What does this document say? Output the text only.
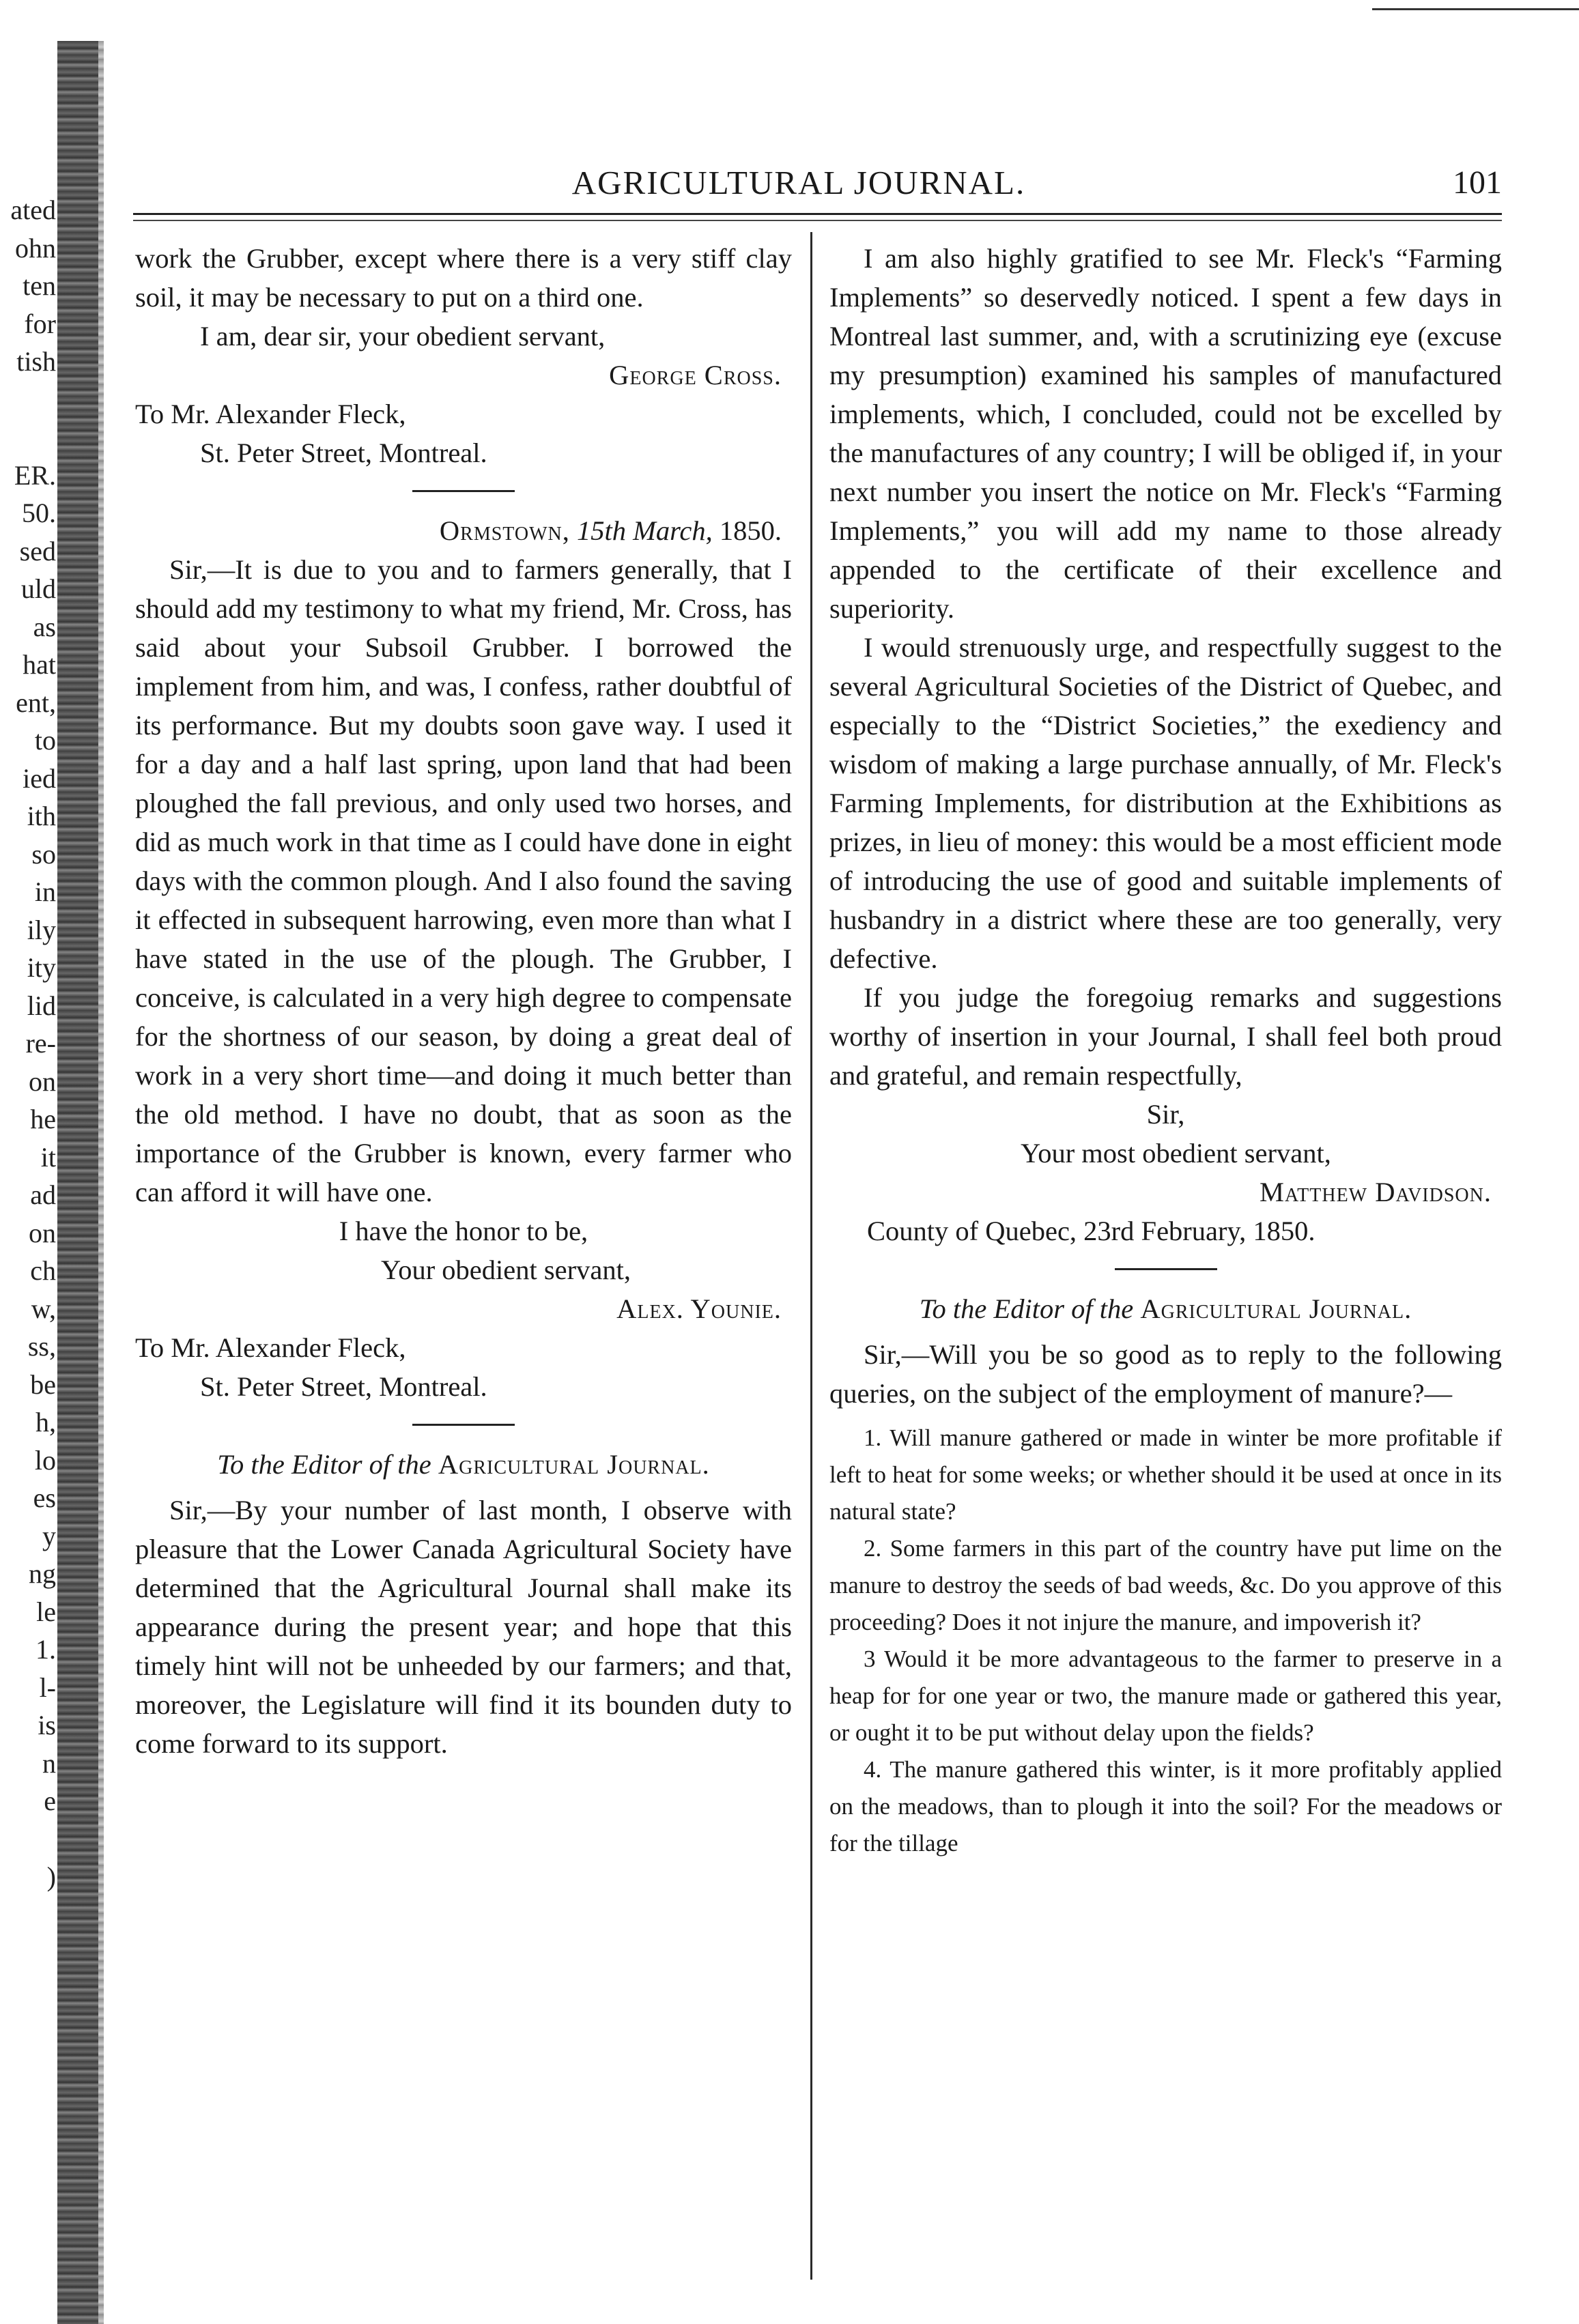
ated
ohn
ten
for
tish
ER.
50.
sed
uld
as
hat
ent,
to
ied
ith
so
in
ily
ity
lid
re-
on
he
it
ad
on
ch
w,
ss,
be
h,
lo
es
y
ng
le
1.
l-
is
n
e
)
AGRICULTURAL JOURNAL.	101

work the Grubber, except where there is a very stiff clay soil, it may be necessary to put on a third one.

I am, dear sir, your obedient servant,

George Cross.

To Mr. Alexander Fleck,

St. Peter Street, Montreal.

Ormstown, 15th March, 1850.

Sir,—It is due to you and to farmers generally, that I should add my testimony to what my friend, Mr. Cross, has said about your Subsoil Grubber. I borrowed the implement from him, and was, I confess, rather doubtful of its performance. But my doubts soon gave way. I used it for a day and a half last spring, upon land that had been ploughed the fall previous, and only used two horses, and did as much work in that time as I could have done in eight days with the common plough. And I also found the saving it effected in subsequent harrowing, even more than what I have stated in the use of the plough. The Grubber, I conceive, is calculated in a very high degree to compensate for the shortness of our season, by doing a great deal of work in a very short time—and doing it much better than the old method. I have no doubt, that as soon as the importance of the Grubber is known, every farmer who can afford it will have one.

I have the honor to be,

Your obedient servant,

Alex. Younie.

To Mr. Alexander Fleck,

St. Peter Street, Montreal.

To the Editor of the Agricultural Journal.

Sir,—By your number of last month, I observe with pleasure that the Lower Canada Agricultural Society have determined that the Agricultural Journal shall make its appearance during the present year; and hope that this timely hint will not be unheeded by our farmers; and that, moreover, the Legislature will find it its bounden duty to come forward to its support.

I am also highly gratified to see Mr. Fleck's “Farming Implements” so deservedly noticed. I spent a few days in Montreal last summer, and, with a scrutinizing eye (excuse my presumption) examined his samples of manufactured implements, which, I concluded, could not be excelled by the manufactures of any country; I will be obliged if, in your next number you insert the notice on Mr. Fleck's “Farming Implements,” you will add my name to those already appended to the certificate of their excellence and superiority.

I would strenuously urge, and respectfully suggest to the several Agricultural Societies of the District of Quebec, and especially to the “District Societies,” the exediency and wisdom of making a large purchase annually, of Mr. Fleck's Farming Implements, for distribution at the Exhibitions as prizes, in lieu of money: this would be a most efficient mode of introducing the use of good and suitable implements of husbandry in a district where these are too generally, very defective.

If you judge the foregoiug remarks and suggestions worthy of insertion in your Journal, I shall feel both proud and grateful, and remain respectfully,

Sir,

Your most obedient servant,

Matthew Davidson.

County of Quebec, 23rd February, 1850.

To the Editor of the Agricultural Journal.

Sir,—Will you be so good as to reply to the following queries, on the subject of the employment of manure?—

1. Will manure gathered or made in winter be more profitable if left to heat for some weeks; or whether should it be used at once in its natural state?

2. Some farmers in this part of the country have put lime on the manure to destroy the seeds of bad weeds, &c. Do you approve of this proceeding? Does it not injure the manure, and impoverish it?

3 Would it be more advantageous to the farmer to preserve in a heap for for one year or two, the manure made or gathered this year, or ought it to be put without delay upon the fields?

4. The manure gathered this winter, is it more profitably applied on the meadows, than to plough it into the soil? For the meadows or for the tillage
